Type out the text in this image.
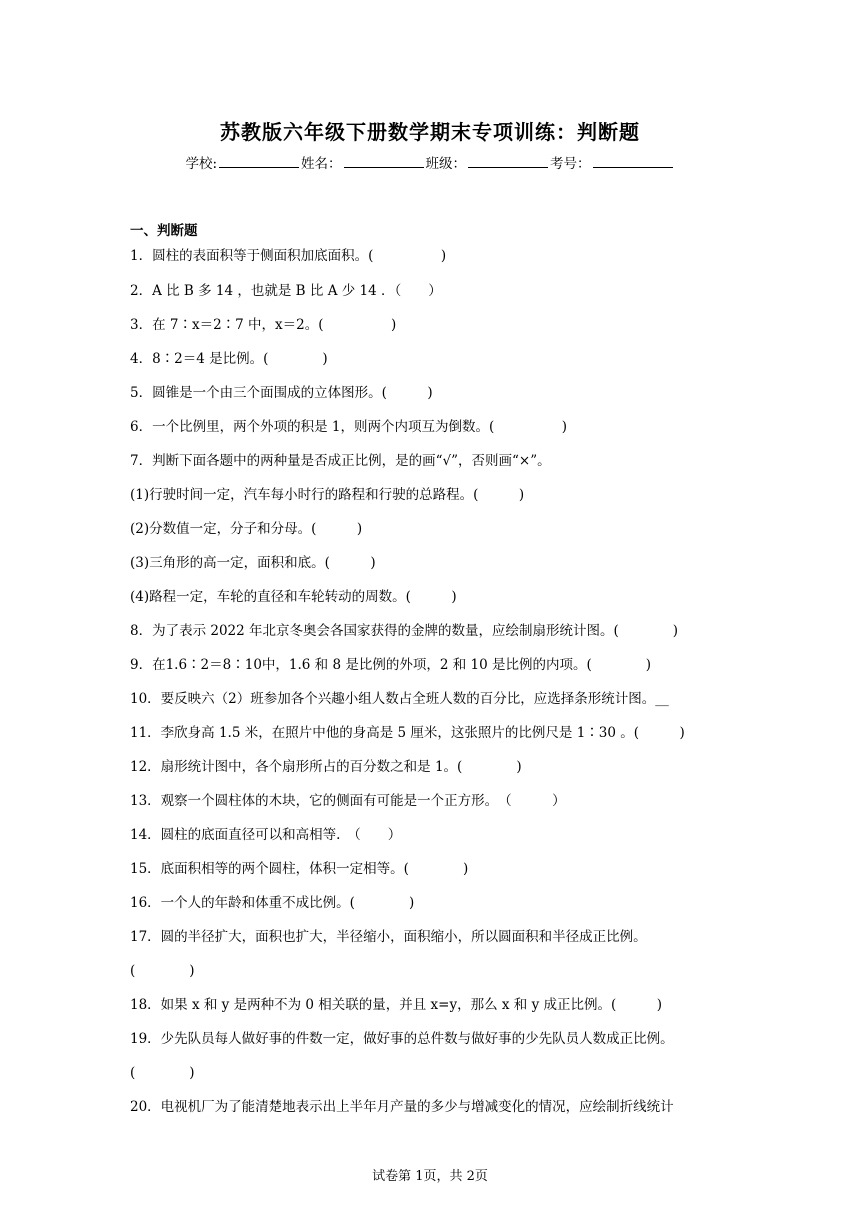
苏教版六年级下册数学期末专项训练：判断题
学校:	姓名：	班级：	考号：
一、判断题
1．圆柱的表面积等于侧面积加底面积。(　　　　　)
2．A 比 B 多 14 ，也就是 B 比 A 少 14 ．（　　）
3．在 7∶x＝2∶7 中，x＝2。(　　　　　)
4．8∶2＝4 是比例。(　　　　)
5．圆锥是一个由三个面围成的立体图形。(　　　)
6．一个比例里，两个外项的积是 1，则两个内项互为倒数。(　　　　　)
7．判断下面各题中的两种量是否成正比例，是的画“√”，否则画“×”。
(1)行驶时间一定，汽车每小时行的路程和行驶的总路程。(　　　)
(2)分数值一定，分子和分母。(　　　)
(3)三角形的高一定，面积和底。(　　　)
(4)路程一定，车轮的直径和车轮转动的周数。(　　　)
8．为了表示 2022 年北京冬奥会各国家获得的金牌的数量，应绘制扇形统计图。(　　　　)
9．在1.6∶2＝8∶10中，1.6 和 8 是比例的外项，2 和 10 是比例的内项。(　　　　)
10．要反映六（2）班参加各个兴趣小组人数占全班人数的百分比，应选择条形统计图。__
11．李欣身高 1.5 米，在照片中他的身高是 5 厘米，这张照片的比例尺是 1∶30 。(　　　)
12．扇形统计图中，各个扇形所占的百分数之和是 1。(　　　　)
13．观察一个圆柱体的木块，它的侧面有可能是一个正方形。　（　　　）
14．圆柱的底面直径可以和高相等.　（　　）
15．底面积相等的两个圆柱，体积一定相等。(　　　　)
16．一个人的年龄和体重不成比例。(　　　　)
17．圆的半径扩大，面积也扩大，半径缩小，面积缩小，所以圆面积和半径成正比例。
(　　　　)
18．如果 x 和 y 是两种不为 0 相关联的量，并且 x=y，那么 x 和 y 成正比例。(　　　)
19．少先队员每人做好事的件数一定，做好事的总件数与做好事的少先队员人数成正比例。
(　　　　)
20．电视机厂为了能清楚地表示出上半年月产量的多少与增减变化的情况，应绘制折线统计
试卷第 1页，共 2页
